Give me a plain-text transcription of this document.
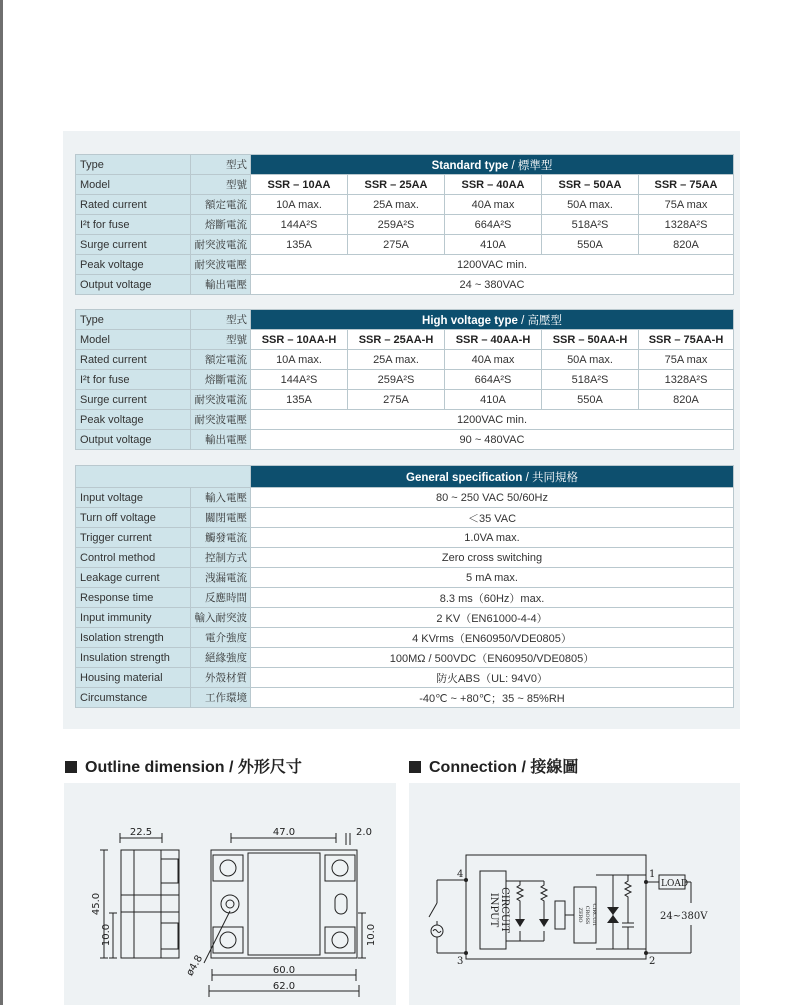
Type	型式	Standard type / 標準型				
Model	型號	SSR – 10AA	SSR – 25AA	SSR – 40AA	SSR – 50AA	SSR – 75AA
Rated current	額定電流	10A max.	25A max.	40A max	50A max.	75A max
I²t for fuse	熔斷電流	144A²S	259A²S	664A²S	518A²S	1328A²S
Surge current	耐突波電流	135A	275A	410A	550A	820A
Peak voltage	耐突波電壓	1200VAC min.				
Output voltage	輸出電壓	24 ~ 380VAC				
Type	型式	High voltage type / 高壓型				
Model	型號	SSR – 10AA-H	SSR – 25AA-H	SSR – 40AA-H	SSR – 50AA-H	SSR – 75AA-H
Rated current	額定電流	10A max.	25A max.	40A max	50A max.	75A max
I²t for fuse	熔斷電流	144A²S	259A²S	664A²S	518A²S	1328A²S
Surge current	耐突波電流	135A	275A	410A	550A	820A
Peak voltage	耐突波電壓	1200VAC min.				
Output voltage	輸出電壓	90 ~ 480VAC				
		General specification / 共同規格
Input voltage	輸入電壓	80 ~ 250 VAC 50/60Hz
Turn off voltage	關閉電壓	＜35 VAC
Trigger current	觸發電流	1.0VA max.
Control method	控制方式	Zero cross switching
Leakage current	洩漏電流	5 mA max.
Response time	反應時間	8.3 ms（60Hz）max.
Input immunity	輸入耐突波	2 KV（EN61000-4-4）
Isolation strength	電介強度	4 KVrms（EN60950/VDE0805）
Insulation strength	絕緣強度	100MΩ / 500VDC（EN60950/VDE0805）
Housing material	外殼材質	防火ABS（UL: 94V0）
Circumstance	工作環境	-40℃ ~ +80℃；35 ~ 85%RH
Outline dimension / 外形尺寸	Connection / 接線圖
22.5	47.0	2.0
45.0
10.0	10.0
ø4.8	60.0
62.0
4
3
1
2
LOAD
24~380V
INPUT CIRCUIT	ZERO CROSS CIRCUIT
